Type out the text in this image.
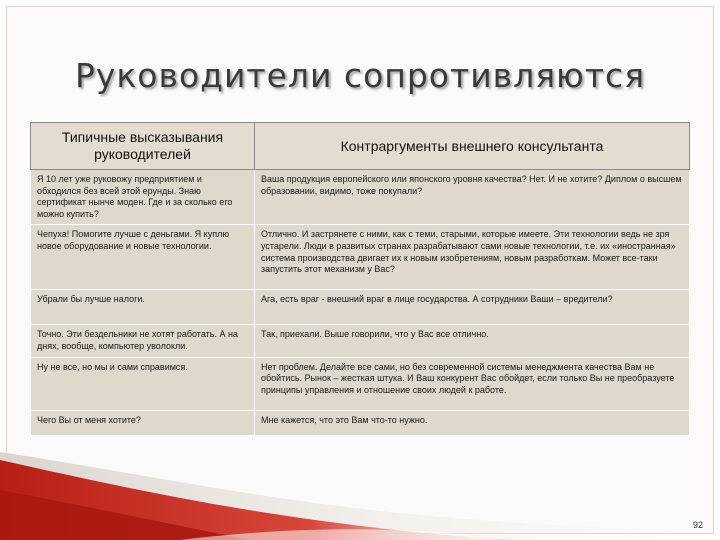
Руководители сопротивляются
Типичные высказывания руководителей	Контраргументы внешнего консультанта
Я 10 лет уже руковожу предприятием и обходился без всей этой ерунды. Знаю сертификат нынче моден. Где и за сколько его можно купить?	Ваша продукция европейского или японского уровня качества? Нет. И не хотите? Диплом о высшем образовании, видимо, тоже покупали?
Чепуха! Помогите лучше с деньгами. Я куплю новое оборудование и новые технологии.	Отлично. И застрянете с ними, как с теми, старыми, которые имеете. Эти технологии ведь не зря устарели. Люди в развитых странах разрабатывают сами новые технологии, т.е. их «иностранная» система производства двигает их к новым изобретениям, новым разработкам. Может все-таки запустить этот механизм у Вас?
Убрали бы лучше налоги.	Ага, есть враг - внешний враг в лице государства. А сотрудники Ваши – вредители?
Точно. Эти бездельники не хотят работать. А на днях, вообще, компьютер уволокли.	Так, приехали. Выше говорили, что у Вас все отлично.
Ну не все, но мы и сами справимся.	Нет проблем. Делайте все сами, но без современной системы менеджмента качества Вам не обойтись. Рынок – жесткая штука. И Ваш конкурент Вас обойдет, если только Вы не преобразуете принципы управления и отношение своих людей к работе.
Чего Вы от меня хотите?	Мне кажется, что это Вам что-то нужно.
92
